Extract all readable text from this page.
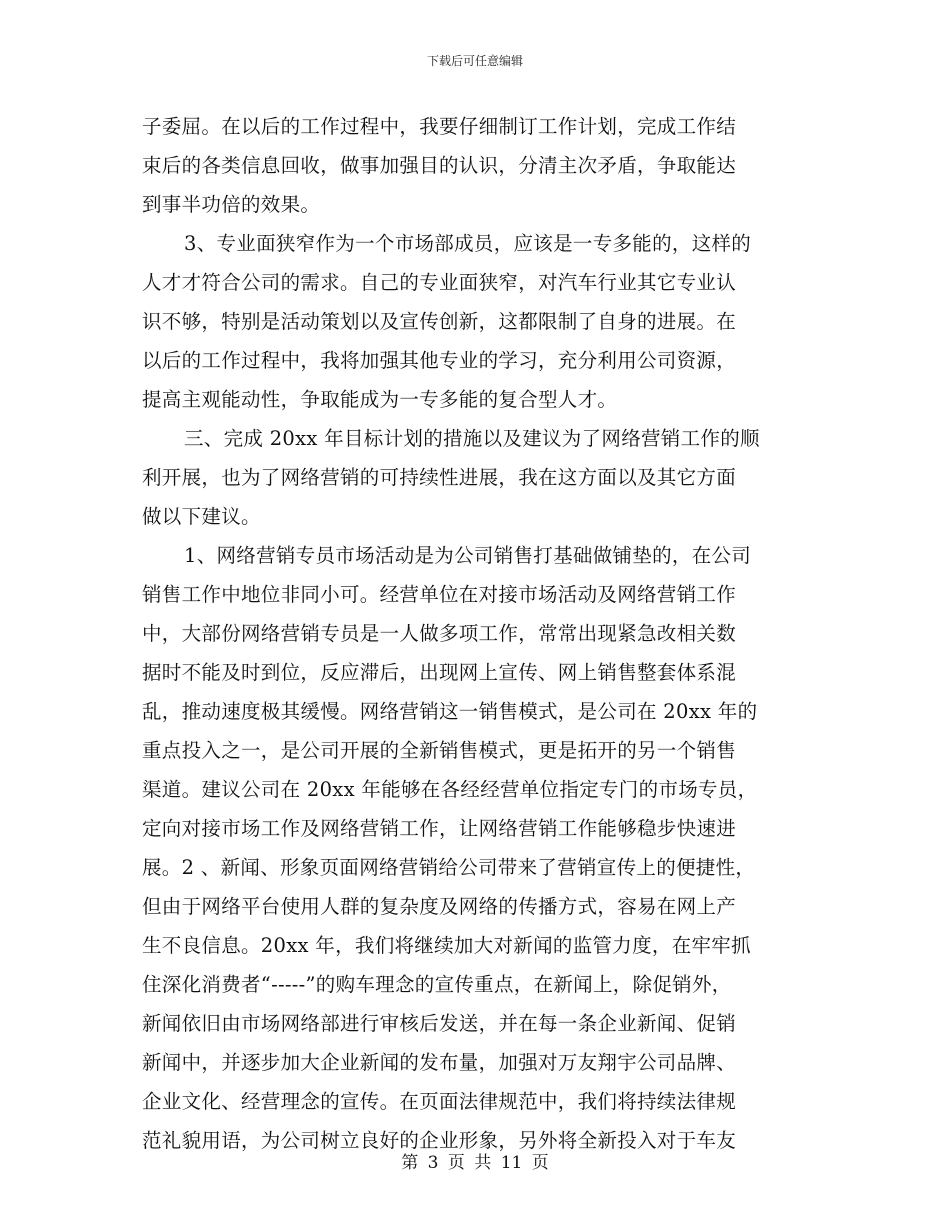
下载后可任意编辑
子委屈。在以后的工作过程中，我要仔细制订工作计划，完成工作结
束后的各类信息回收，做事加强目的认识，分清主次矛盾，争取能达
到事半功倍的效果。
3、专业面狭窄作为一个市场部成员，应该是一专多能的，这样的
人才才符合公司的需求。自己的专业面狭窄，对汽车行业其它专业认
识不够，特别是活动策划以及宣传创新，这都限制了自身的进展。在
以后的工作过程中，我将加强其他专业的学习，充分利用公司资源，
提高主观能动性，争取能成为一专多能的复合型人才。
三、完成 20xx 年目标计划的措施以及建议为了网络营销工作的顺
利开展，也为了网络营销的可持续性进展，我在这方面以及其它方面
做以下建议。
1、网络营销专员市场活动是为公司销售打基础做铺垫的，在公司
销售工作中地位非同小可。经营单位在对接市场活动及网络营销工作
中，大部份网络营销专员是一人做多项工作，常常出现紧急改相关数
据时不能及时到位，反应滞后，出现网上宣传、网上销售整套体系混
乱，推动速度极其缓慢。网络营销这一销售模式，是公司在 20xx 年的
重点投入之一，是公司开展的全新销售模式，更是拓开的另一个销售
渠道。建议公司在 20xx 年能够在各经经营单位指定专门的市场专员，
定向对接市场工作及网络营销工作，让网络营销工作能够稳步快速进
展。2 、新闻、形象页面网络营销给公司带来了营销宣传上的便捷性，
但由于网络平台使用人群的复杂度及网络的传播方式，容易在网上产
生不良信息。20xx 年，我们将继续加大对新闻的监管力度，在牢牢抓
住深化消费者“-----”的购车理念的宣传重点，在新闻上，除促销外，
新闻依旧由市场网络部进行审核后发送，并在每一条企业新闻、促销
新闻中，并逐步加大企业新闻的发布量，加强对万友翔宇公司品牌、
企业文化、经营理念的宣传。在页面法律规范中，我们将持续法律规
范礼貌用语，为公司树立良好的企业形象，另外将全新投入对于车友
第 3 页 共 11 页
